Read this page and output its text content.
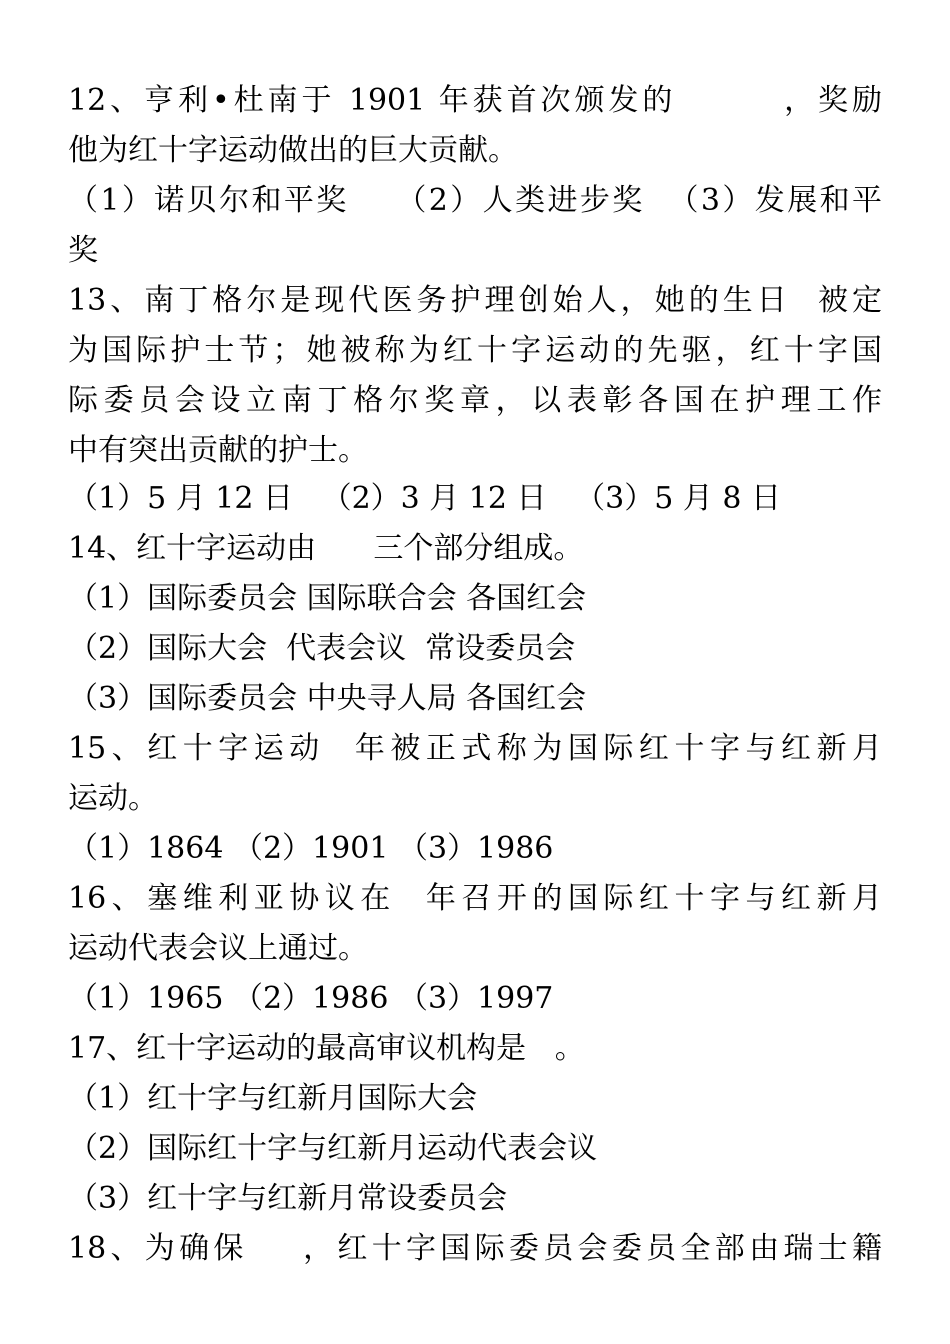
12、亨利•杜南于 1901 年获首次颁发的        ，奖励
他为红十字运动做出的巨大贡献。
（1）诺贝尔和平奖    （2）人类进步奖  （3）发展和平
奖
13、南丁格尔是现代医务护理创始人，她的生日  被定
为国际护士节；她被称为红十字运动的先驱，红十字国
际委员会设立南丁格尔奖章，以表彰各国在护理工作
中有突出贡献的护士。
（1）5 月 12 日   （2）3 月 12 日   （3）5 月 8 日
14、红十字运动由      三个部分组成。
（1）国际委员会 国际联合会 各国红会
（2）国际大会  代表会议  常设委员会
（3）国际委员会 中央寻人局 各国红会
15、红十字运动  年被正式称为国际红十字与红新月
运动。
（1）1864 （2）1901 （3）1986
16、塞维利亚协议在  年召开的国际红十字与红新月
运动代表会议上通过。
（1）1965 （2）1986 （3）1997
17、红十字运动的最高审议机构是   。
（1）红十字与红新月国际大会
（2）国际红十字与红新月运动代表会议
（3）红十字与红新月常设委员会
18、为确保    ，红十字国际委员会委员全部由瑞士籍
